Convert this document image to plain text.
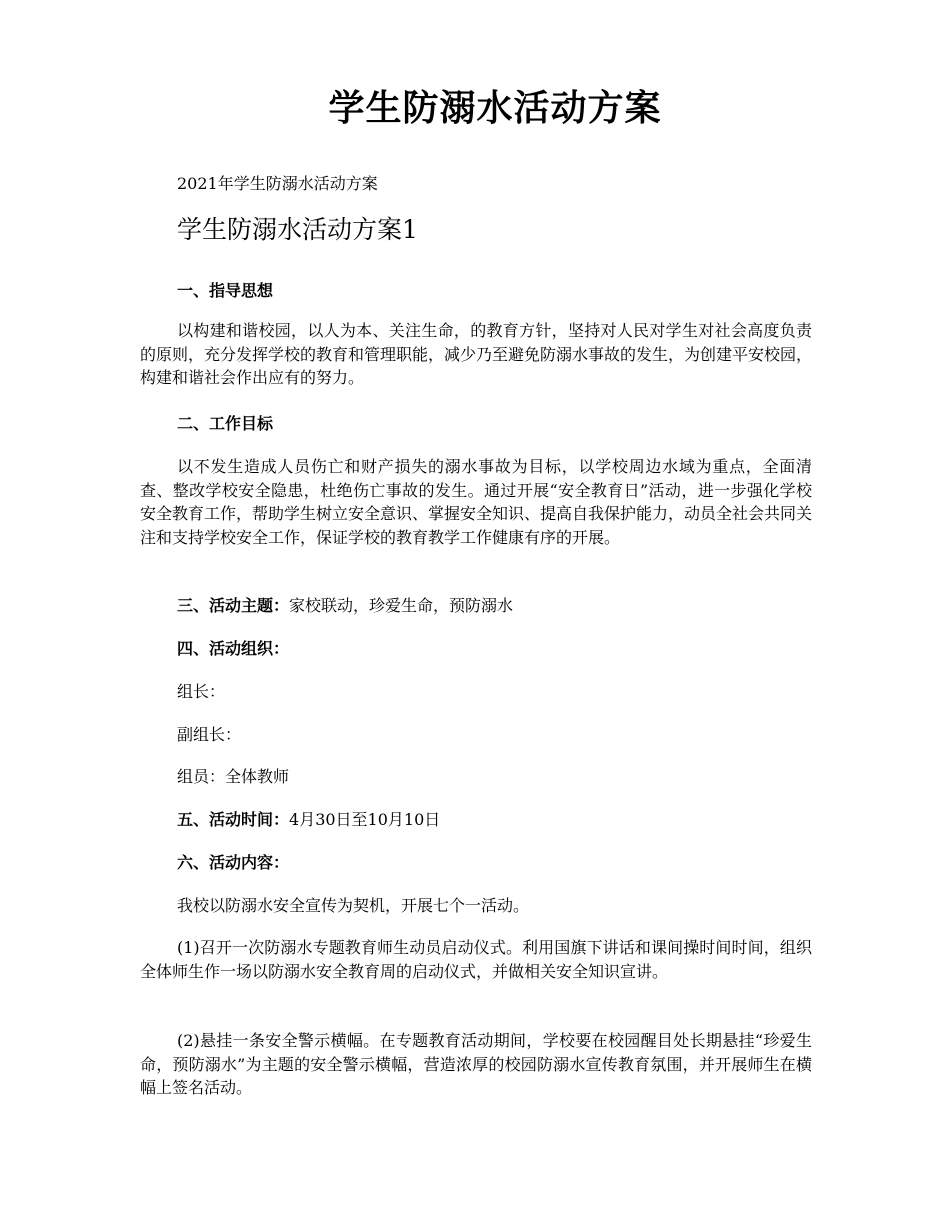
学生防溺水活动方案
2021年学生防溺水活动方案
学生防溺水活动方案1
一、指导思想
以构建和谐校园，以人为本、关注生命，的教育方针，坚持对人民对学生对社会高度负责的原则，充分发挥学校的教育和管理职能，减少乃至避免防溺水事故的发生，为创建平安校园，构建和谐社会作出应有的努力。
二、工作目标
以不发生造成人员伤亡和财产损失的溺水事故为目标，以学校周边水域为重点，全面清查、整改学校安全隐患，杜绝伤亡事故的发生。通过开展“安全教育日”活动，进一步强化学校安全教育工作，帮助学生树立安全意识、掌握安全知识、提高自我保护能力，动员全社会共同关注和支持学校安全工作，保证学校的教育教学工作健康有序的开展。
三、活动主题：家校联动，珍爱生命，预防溺水
四、活动组织：
组长：
副组长：
组员：全体教师
五、活动时间：4月30日至10月10日
六、活动内容：
我校以防溺水安全宣传为契机，开展七个一活动。
(1)召开一次防溺水专题教育师生动员启动仪式。利用国旗下讲话和课间操时间时间，组织全体师生作一场以防溺水安全教育周的启动仪式，并做相关安全知识宣讲。
(2)悬挂一条安全警示横幅。在专题教育活动期间，学校要在校园醒目处长期悬挂“珍爱生命，预防溺水”为主题的安全警示横幅，营造浓厚的校园防溺水宣传教育氛围，并开展师生在横幅上签名活动。
